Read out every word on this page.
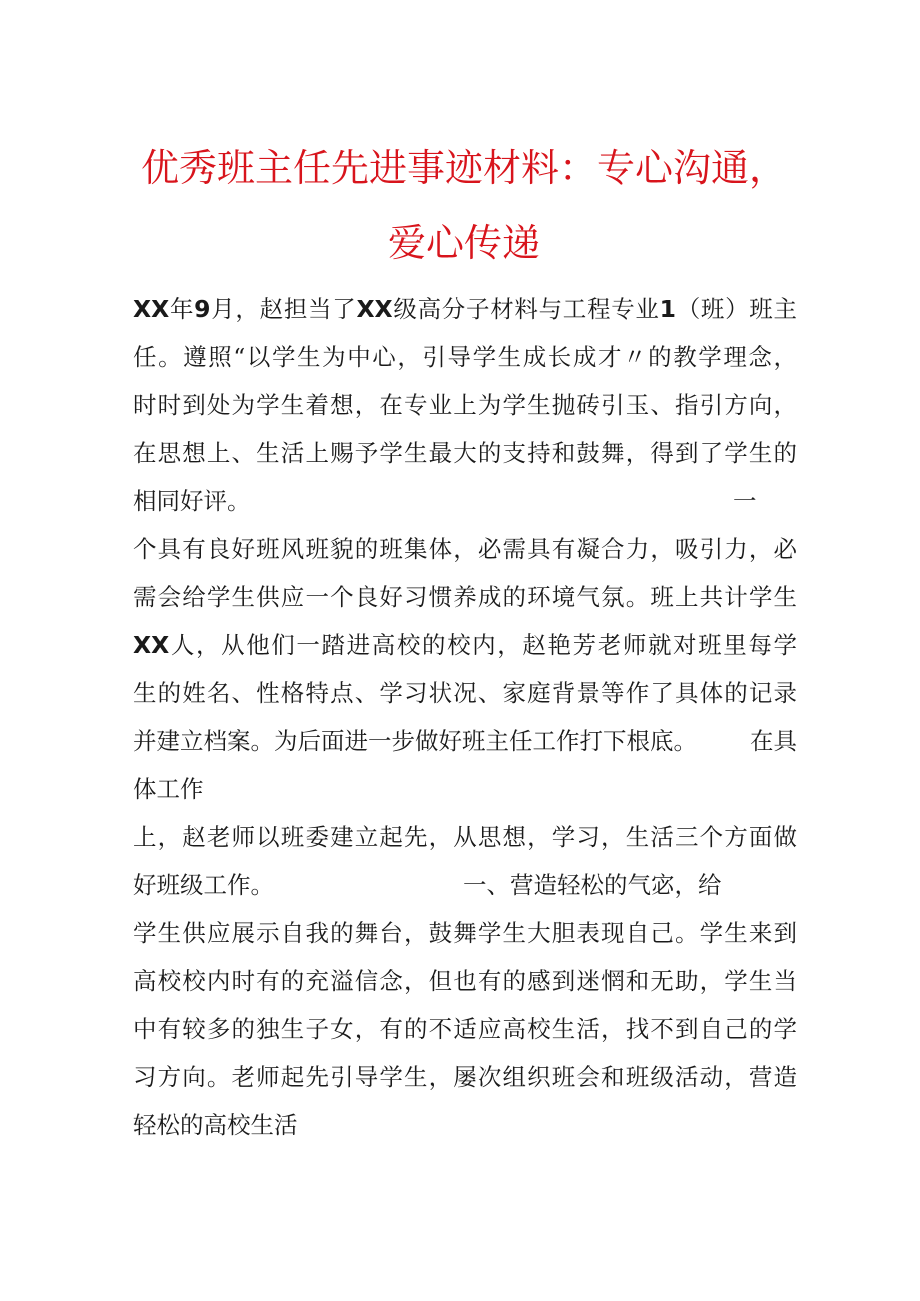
优秀班主任先进事迹材料：专心沟通，
爱心传递
XX年9月，赵担当了XX级高分子材料与工程专业1（班）班主
任。遵照“以学生为中心，引导学生成长成才〃的教学理念，
时时到处为学生着想，在专业上为学生抛砖引玉、指引方向，
在思想上、生活上赐予学生最大的支持和鼓舞，得到了学生的
相同好评。	一
个具有良好班风班貌的班集体，必需具有凝合力，吸引力，必
需会给学生供应一个良好习惯养成的环境气氛。班上共计学生
XX人，从他们一踏进高校的校内，赵艳芳老师就对班里每学
生的姓名、性格特点、学习状况、家庭背景等作了具体的记录
并建立档案。为后面进一步做好班主任工作打下根底。 在具
体工作
上，赵老师以班委建立起先，从思想，学习，生活三个方面做
好班级工作。	一、营造轻松的气宓，给
学生供应展示自我的舞台，鼓舞学生大胆表现自己。学生来到
高校校内时有的充溢信念，但也有的感到迷惘和无助，学生当
中有较多的独生子女，有的不适应高校生活，找不到自己的学
习方向。老师起先引导学生，屡次组织班会和班级活动，营造
轻松的高校生活
